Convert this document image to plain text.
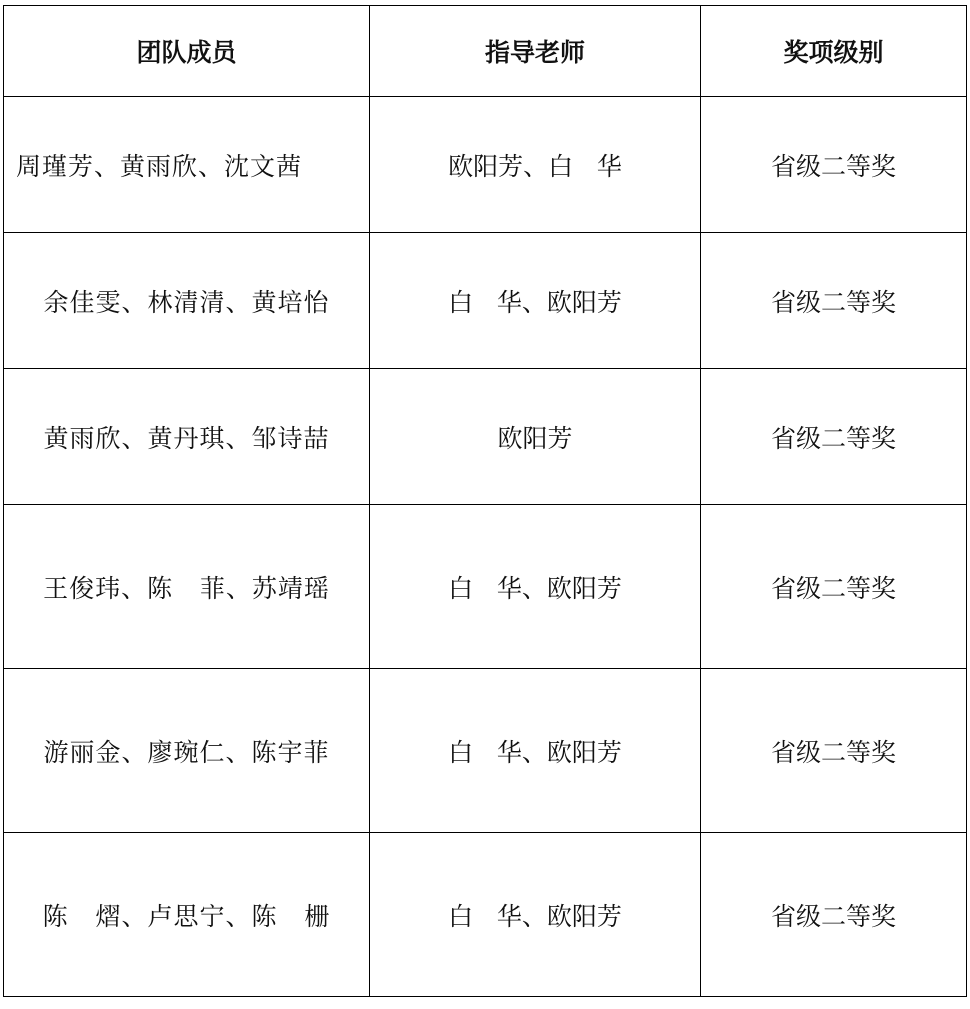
团队成员	指导老师	奖项级别
周瑾芳、黄雨欣、沈文茜	欧阳芳、白   华	省级二等奖
余佳雯、林清清、黄培怡	白   华、欧阳芳	省级二等奖
黄雨欣、黄丹琪、邹诗喆	欧阳芳	省级二等奖
王俊玮、陈   菲、苏靖瑶	白   华、欧阳芳	省级二等奖
游丽金、廖琬仁、陈宇菲	白   华、欧阳芳	省级二等奖
陈   熠、卢思宁、陈   栅	白   华、欧阳芳	省级二等奖
